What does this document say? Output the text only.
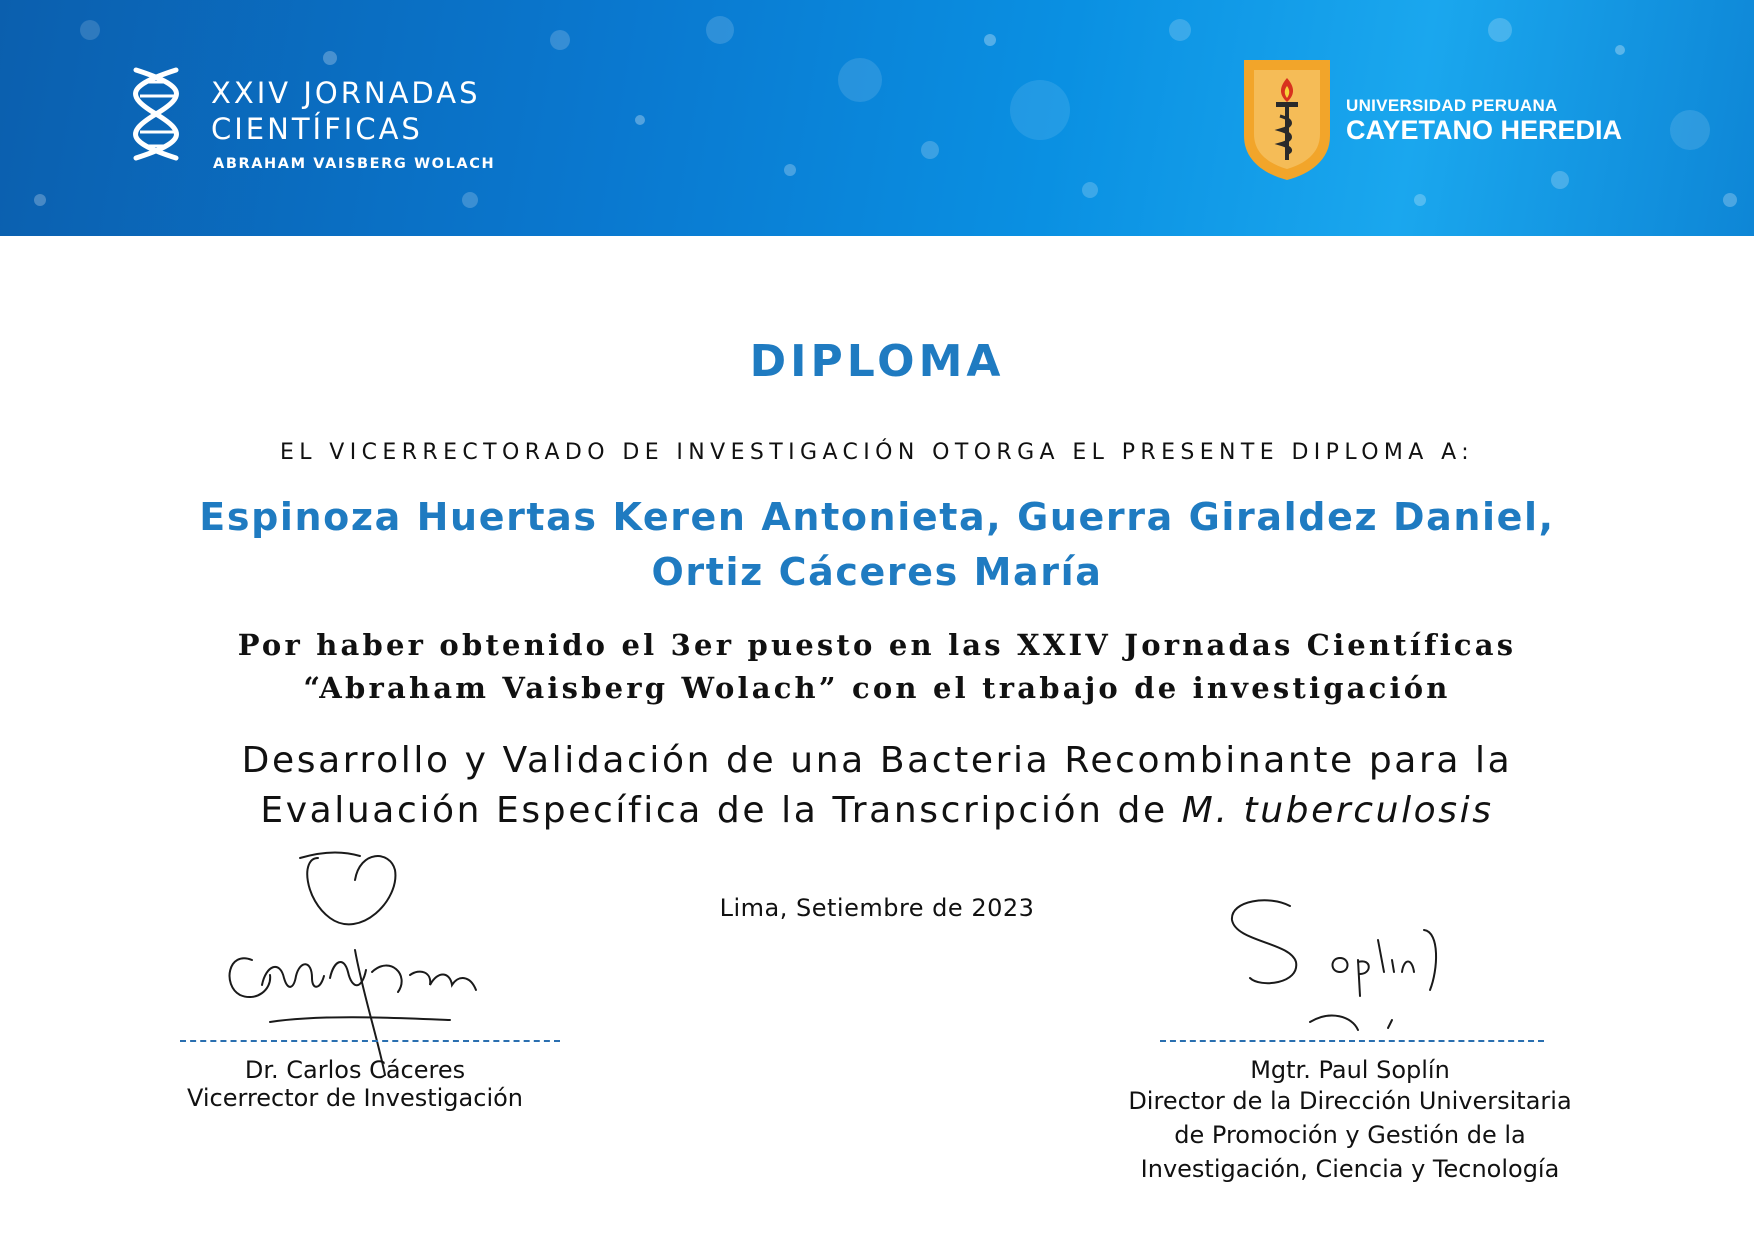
XXIV JORNADAS
CIENTÍFICAS
ABRAHAM VAISBERG WOLACH
UNIVERSIDAD PERUANA
CAYETANO HEREDIA
DIPLOMA
EL VICERRECTORADO DE INVESTIGACIÓN OTORGA EL PRESENTE DIPLOMA A:
Espinoza Huertas Keren Antonieta, Guerra Giraldez Daniel,
Ortiz Cáceres María
Por haber obtenido el 3er puesto en las XXIV Jornadas Científicas
“Abraham Vaisberg Wolach” con el trabajo de investigación
Desarrollo y Validación de una Bacteria Recombinante para la
Evaluación Específica de la Transcripción de M. tuberculosis
Lima, Setiembre de 2023
Dr. Carlos Cáceres
Vicerrector de Investigación
Mgtr. Paul Soplín
Director de la Dirección Universitaria
de Promoción y Gestión de la
Investigación, Ciencia y Tecnología
